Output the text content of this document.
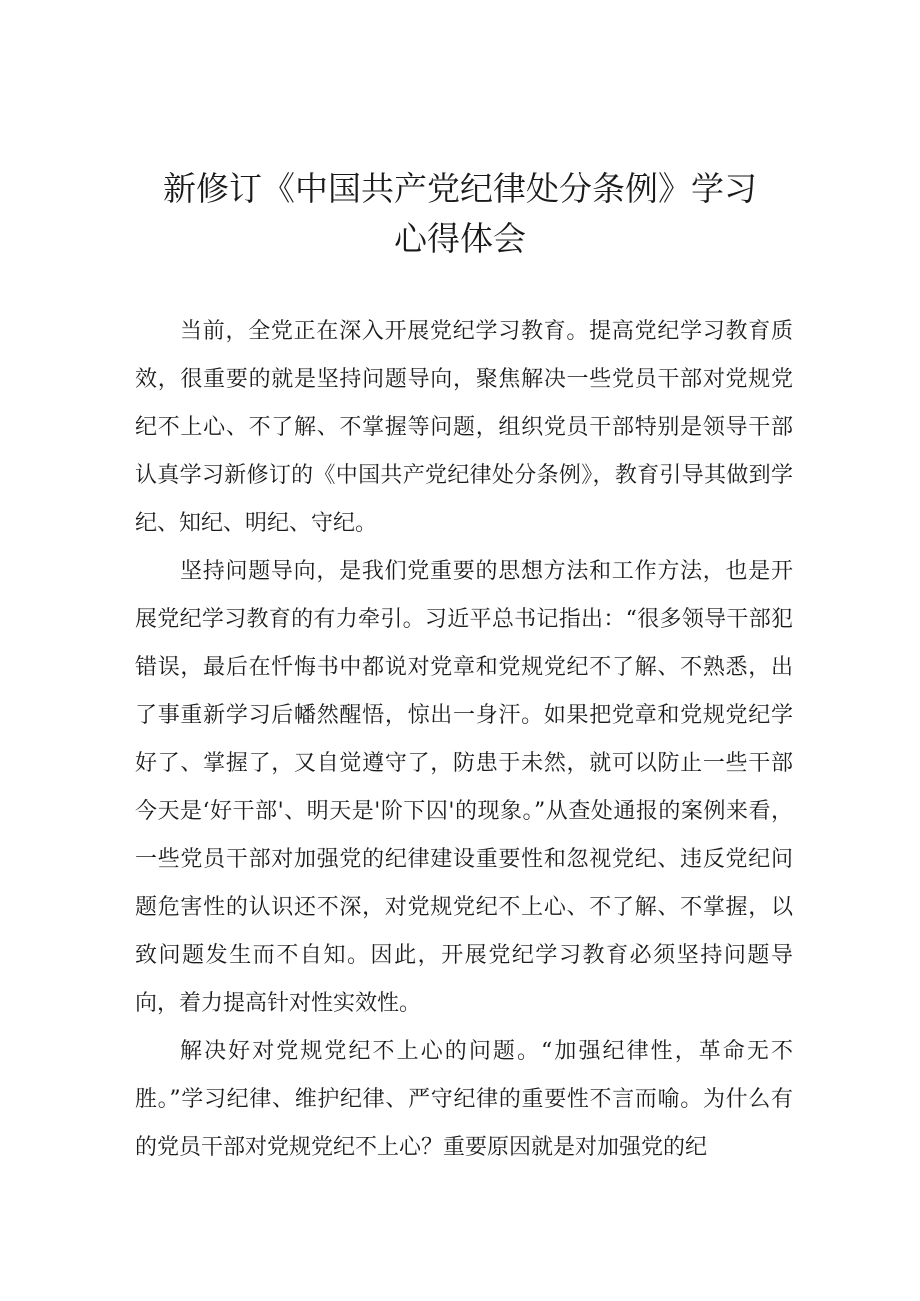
新修订《中国共产党纪律处分条例》学习
心得体会

当前，全党正在深入开展党纪学习教育。提高党纪学习教育质效，很重要的就是坚持问题导向，聚焦解决一些党员干部对党规党纪不上心、不了解、不掌握等问题，组织党员干部特别是领导干部认真学习新修订的《中国共产党纪律处分条例》，教育引导其做到学纪、知纪、明纪、守纪。

坚持问题导向，是我们党重要的思想方法和工作方法，也是开展党纪学习教育的有力牵引。习近平总书记指出：“很多领导干部犯错误，最后在忏悔书中都说对党章和党规党纪不了解、不熟悉，出了事重新学习后幡然醒悟，惊出一身汗。如果把党章和党规党纪学好了、掌握了，又自觉遵守了，防患于未然，就可以防止一些干部今天是‘好干部'、明天是'阶下囚'的现象。”从查处通报的案例来看，一些党员干部对加强党的纪律建设重要性和忽视党纪、违反党纪问题危害性的认识还不深，对党规党纪不上心、不了解、不掌握，以致问题发生而不自知。因此，开展党纪学习教育必须坚持问题导向，着力提高针对性实效性。

解决好对党规党纪不上心的问题。“加强纪律性，革命无不胜。”学习纪律、维护纪律、严守纪律的重要性不言而喻。为什么有的党员干部对党规党纪不上心？重要原因就是对加强党的纪
